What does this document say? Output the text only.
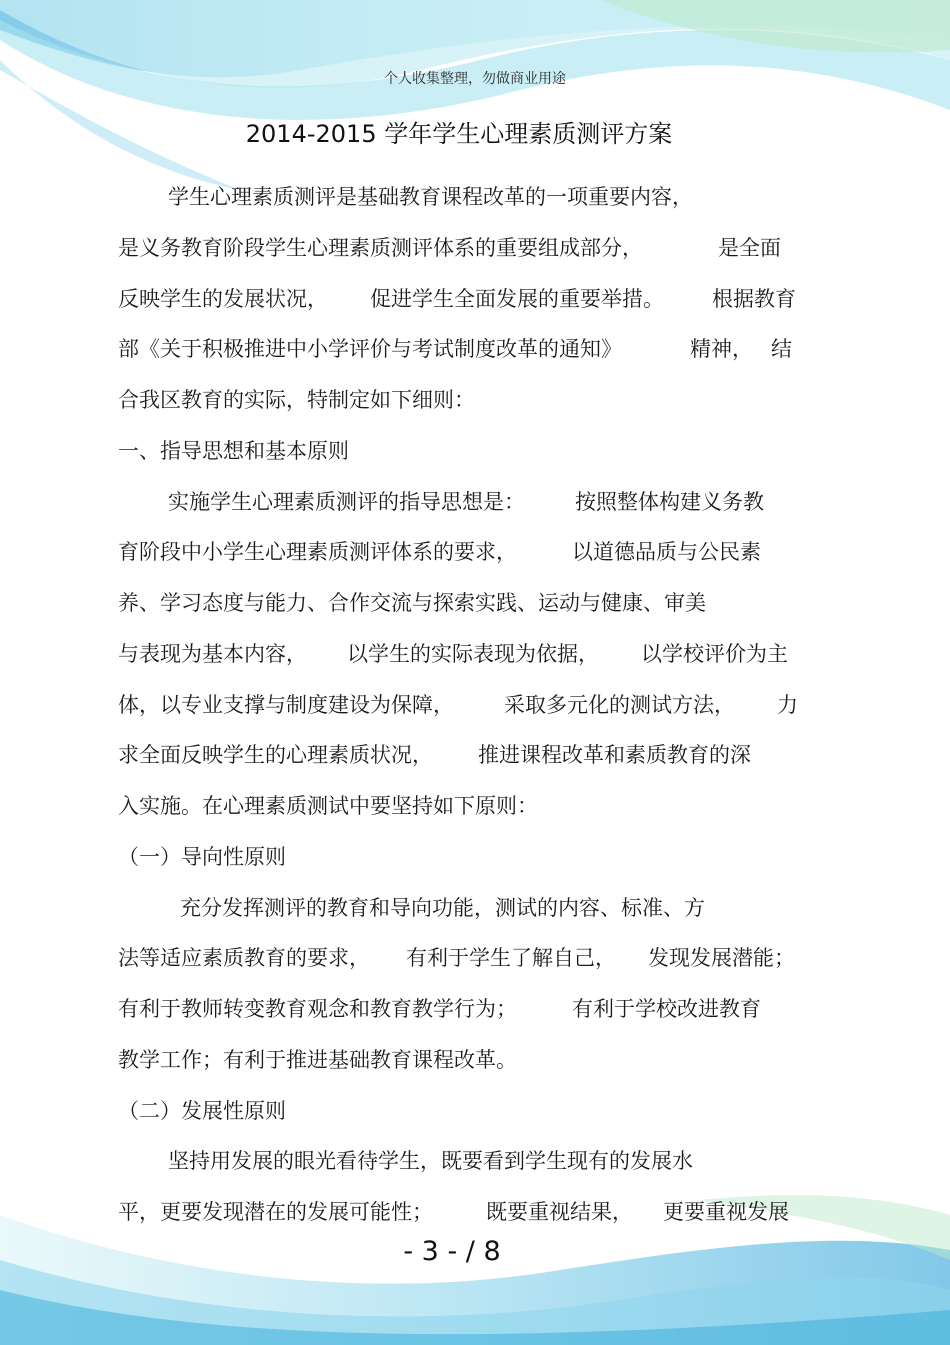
个人收集整理，勿做商业用途
2014-2015 学年学生心理素质测评方案
学生心理素质测评是基础教育课程改革的一项重要内容，
是义务教育阶段学生心理素质测评体系的重要组成部分，	是全面
反映学生的发展状况， 促进学生全面发展的重要举措。 根据教育
部《关于积极推进中小学评价与考试制度改革的通知》	精神， 结
合我区教育的实际，特制定如下细则：
一、指导思想和基本原则
实施学生心理素质测评的指导思想是： 按照整体构建义务教
育阶段中小学生心理素质测评体系的要求，	以道德品质与公民素
养、学习态度与能力、合作交流与探索实践、运动与健康、审美
与表现为基本内容， 以学生的实际表现为依据， 以学校评价为主
体，以专业支撑与制度建设为保障， 采取多元化的测试方法， 力
求全面反映学生的心理素质状况， 推进课程改革和素质教育的深
入实施。在心理素质测试中要坚持如下原则：
（一）导向性原则
充分发挥测评的教育和导向功能，测试的内容、标准、方
法等适应素质教育的要求， 有利于学生了解自己， 发现发展潜能；
有利于教师转变教育观念和教育教学行为；	有利于学校改进教育
教学工作；有利于推进基础教育课程改革。
（二）发展性原则
坚持用发展的眼光看待学生，既要看到学生现有的发展水
平，更要发现潜在的发展可能性；	既要重视结果， 更要重视发展
- 3 - / 8
